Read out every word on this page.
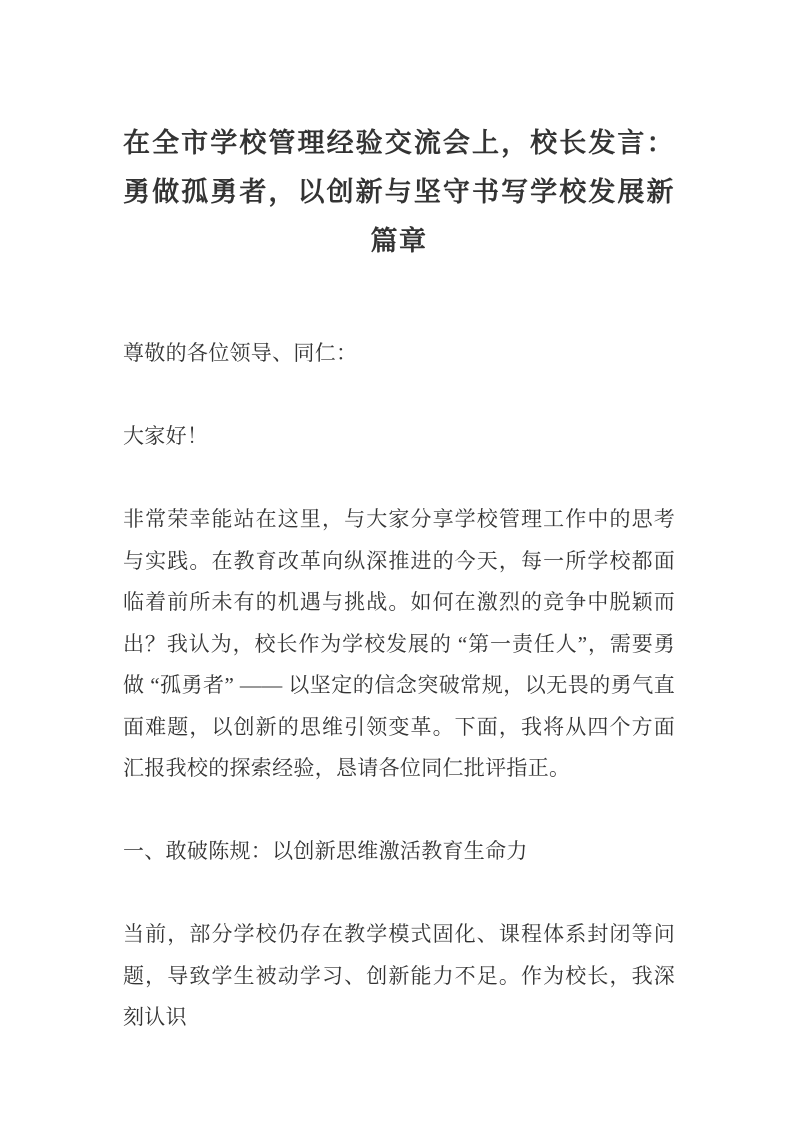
在全市学校管理经验交流会上，校长发言：勇做孤勇者，以创新与坚守书写学校发展新篇章

尊敬的各位领导、同仁：

大家好！

非常荣幸能站在这里，与大家分享学校管理工作中的思考与实践。在教育改革向纵深推进的今天，每一所学校都面临着前所未有的机遇与挑战。如何在激烈的竞争中脱颖而出？我认为，校长作为学校发展的 “第一责任人”，需要勇做 “孤勇者” —— 以坚定的信念突破常规，以无畏的勇气直面难题，以创新的思维引领变革。下面，我将从四个方面汇报我校的探索经验，恳请各位同仁批评指正。

一、敢破陈规：以创新思维激活教育生命力

当前，部分学校仍存在教学模式固化、课程体系封闭等问题，导致学生被动学习、创新能力不足。作为校长，我深刻认识
